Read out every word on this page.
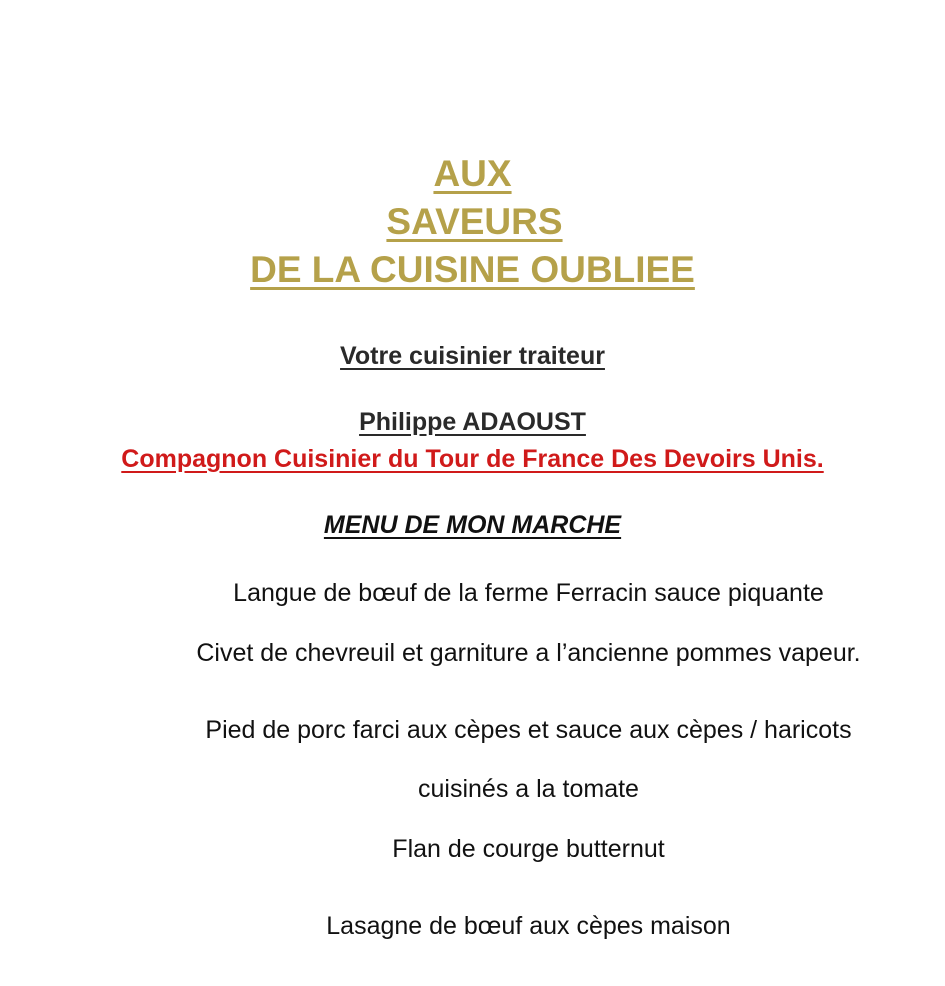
AUX
SAVEURS
DE LA CUISINE OUBLIEE
Votre cuisinier traiteur
Philippe ADAOUST
Compagnon Cuisinier du Tour de France Des Devoirs Unis.
MENU DE MON MARCHE
Langue de bœuf de la ferme Ferracin sauce piquante
Civet de chevreuil et garniture a l’ancienne pommes vapeur.
Pied de porc farci aux cèpes et sauce aux cèpes / haricots
cuisinés a la tomate
Flan de courge butternut
Lasagne de bœuf aux cèpes maison
